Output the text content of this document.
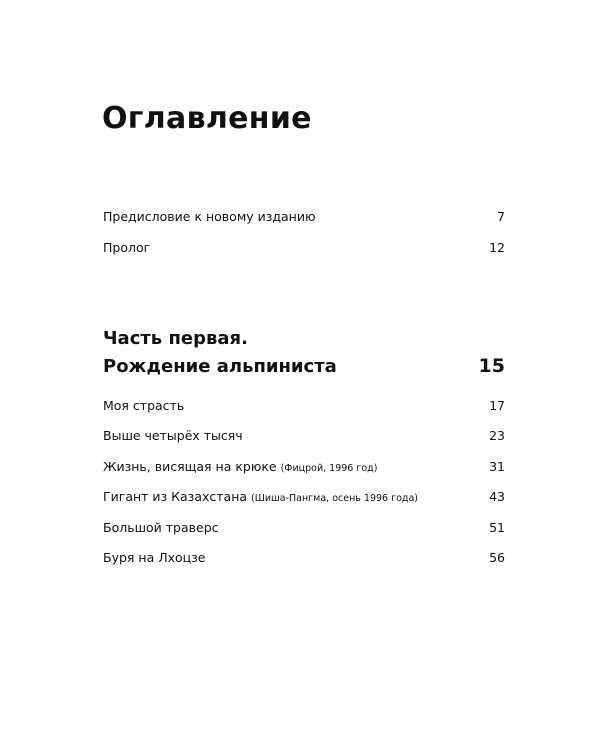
Оглавление
Предисловие к новому изданию	7
Пролог	12
Часть первая.
Рождение альпиниста	15
Моя страсть	17
Выше четырёх тысяч	23
Жизнь, висящая на крюке (Фицрой, 1996 год)	31
Гигант из Казахстана (Шиша-Пангма, осень 1996 года)	43
Большой траверс	51
Буря на Лхоцзе	56
